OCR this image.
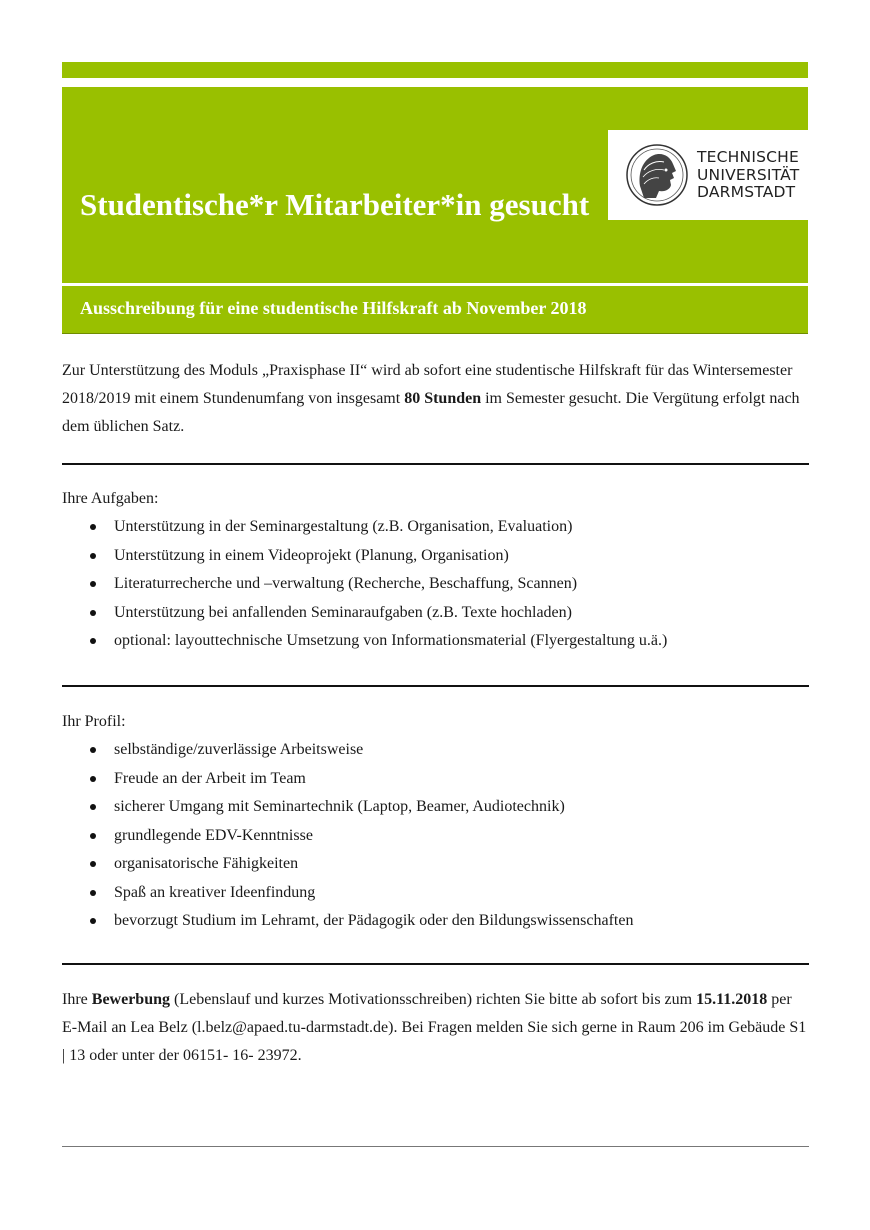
TECHNISCHE
UNIVERSITÄT
DARMSTADT
Studentische*r Mitarbeiter*in gesucht

Ausschreibung für eine studentische Hilfskraft ab November 2018

Zur Unterstützung des Moduls „Praxisphase II“ wird ab sofort eine studentische Hilfskraft für das Wintersemester 2018/2019 mit einem Stundenumfang von insgesamt 80 Stunden im Semester gesucht. Die Vergütung erfolgt nach dem üblichen Satz.

Ihre Aufgaben:
Unterstützung in der Seminargestaltung (z.B. Organisation, Evaluation)
Unterstützung in einem Videoprojekt (Planung, Organisation)
Literaturrecherche und –verwaltung (Recherche, Beschaffung, Scannen)
Unterstützung bei anfallenden Seminaraufgaben (z.B. Texte hochladen)
optional: layouttechnische Umsetzung von Informationsmaterial (Flyergestaltung u.ä.)
Ihr Profil:
selbständige/zuverlässige Arbeitsweise
Freude an der Arbeit im Team
sicherer Umgang mit Seminartechnik (Laptop, Beamer, Audiotechnik)
grundlegende EDV-Kenntnisse
organisatorische Fähigkeiten
Spaß an kreativer Ideenfindung
bevorzugt Studium im Lehramt, der Pädagogik oder den Bildungswissenschaften

Ihre Bewerbung (Lebenslauf und kurzes Motivationsschreiben) richten Sie bitte ab sofort bis zum 15.11.2018 per E-Mail an Lea Belz (l.belz@apaed.tu-darmstadt.de). Bei Fragen melden Sie sich gerne in Raum 206 im Gebäude S1 | 13 oder unter der 06151- 16- 23972.
